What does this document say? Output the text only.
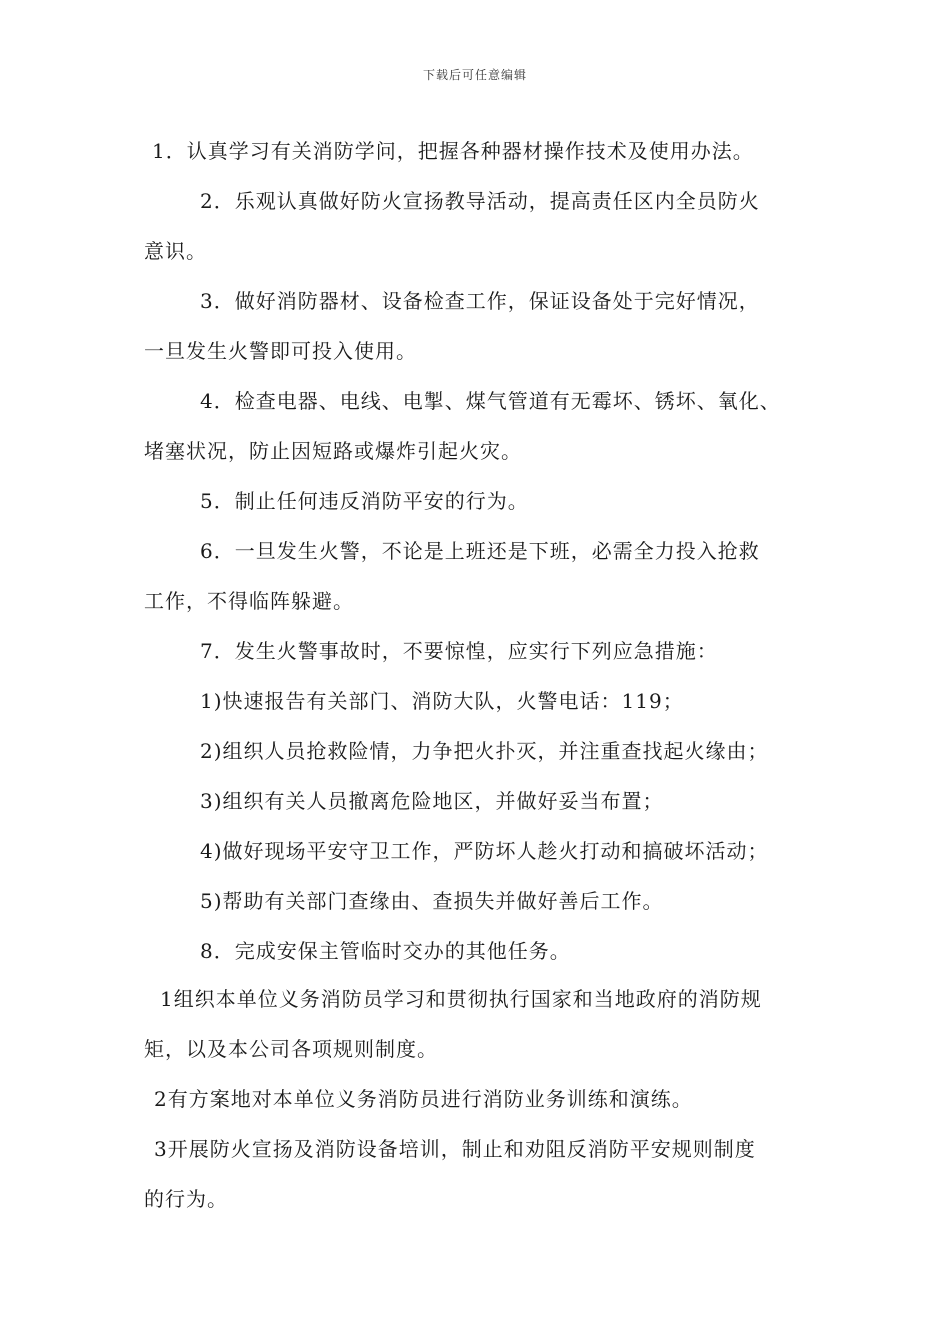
下载后可任意编辑
1．认真学习有关消防学问，把握各种器材操作技术及使用办法。
2．乐观认真做好防火宣扬教导活动，提高责任区内全员防火
意识。
3．做好消防器材、设备检查工作，保证设备处于完好情况，
一旦发生火警即可投入使用。
4．检查电器、电线、电掣、煤气管道有无霉坏、锈坏、氧化、
堵塞状况，防止因短路或爆炸引起火灾。
5．制止任何违反消防平安的行为。
6．一旦发生火警，不论是上班还是下班，必需全力投入抢救
工作，不得临阵躲避。
7．发生火警事故时，不要惊惶，应实行下列应急措施：
1)快速报告有关部门、消防大队，火警电话：119；
2)组织人员抢救险情，力争把火扑灭，并注重查找起火缘由；
3)组织有关人员撤离危险地区，并做好妥当布置；
4)做好现场平安守卫工作，严防坏人趁火打动和搞破坏活动；
5)帮助有关部门查缘由、查损失并做好善后工作。
8．完成安保主管临时交办的其他任务。
1组织本单位义务消防员学习和贯彻执行国家和当地政府的消防规
矩，以及本公司各项规则制度。
2有方案地对本单位义务消防员进行消防业务训练和演练。
3开展防火宣扬及消防设备培训，制止和劝阻反消防平安规则制度
的行为。
